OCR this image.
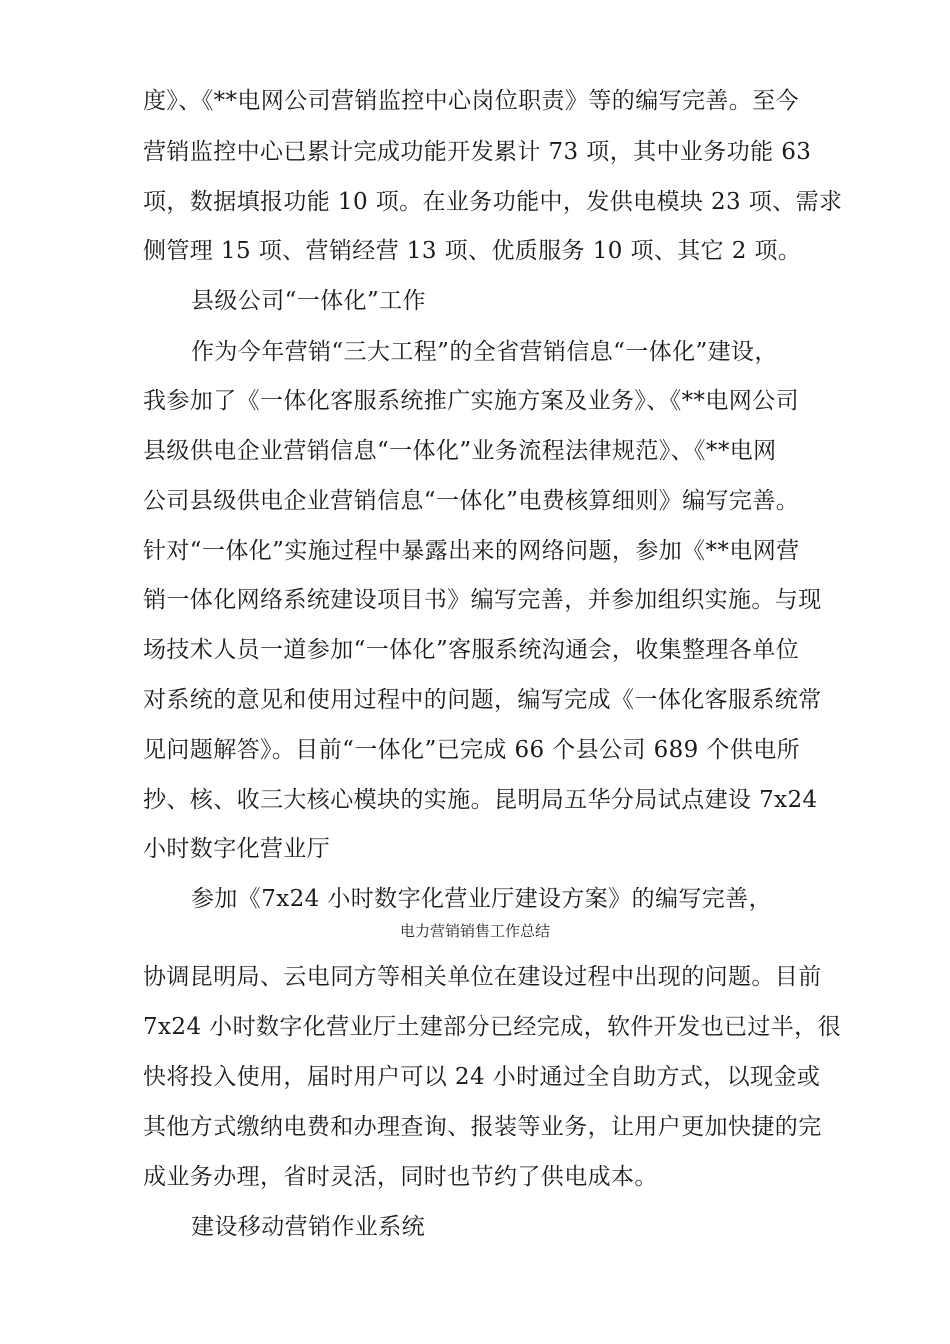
度》、《**电网公司营销监控中心岗位职责》等的编写完善。至今
营销监控中心已累计完成功能开发累计 73 项，其中业务功能 63
项，数据填报功能 10 项。在业务功能中，发供电模块 23 项、需求
侧管理 15 项、营销经营 13 项、优质服务 10 项、其它 2 项。
县级公司“一体化”工作
作为今年营销“三大工程”的全省营销信息“一体化”建设，
我参加了《一体化客服系统推广实施方案及业务》、《**电网公司
县级供电企业营销信息“一体化”业务流程法律规范》、《**电网
公司县级供电企业营销信息“一体化”电费核算细则》编写完善。
针对“一体化”实施过程中暴露出来的网络问题，参加《**电网营
销一体化网络系统建设项目书》编写完善，并参加组织实施。与现
场技术人员一道参加“一体化”客服系统沟通会，收集整理各单位
对系统的意见和使用过程中的问题，编写完成《一体化客服系统常
见问题解答》。目前“一体化”已完成 66 个县公司 689 个供电所
抄、核、收三大核心模块的实施。昆明局五华分局试点建设 7x24
小时数字化营业厅
参加《7x24 小时数字化营业厅建设方案》的编写完善，
电力营销销售工作总结
协调昆明局、云电同方等相关单位在建设过程中出现的问题。目前
7x24 小时数字化营业厅土建部分已经完成，软件开发也已过半，很
快将投入使用，届时用户可以 24 小时通过全自助方式，以现金或
其他方式缴纳电费和办理查询、报装等业务，让用户更加快捷的完
成业务办理，省时灵活，同时也节约了供电成本。
建设移动营销作业系统
